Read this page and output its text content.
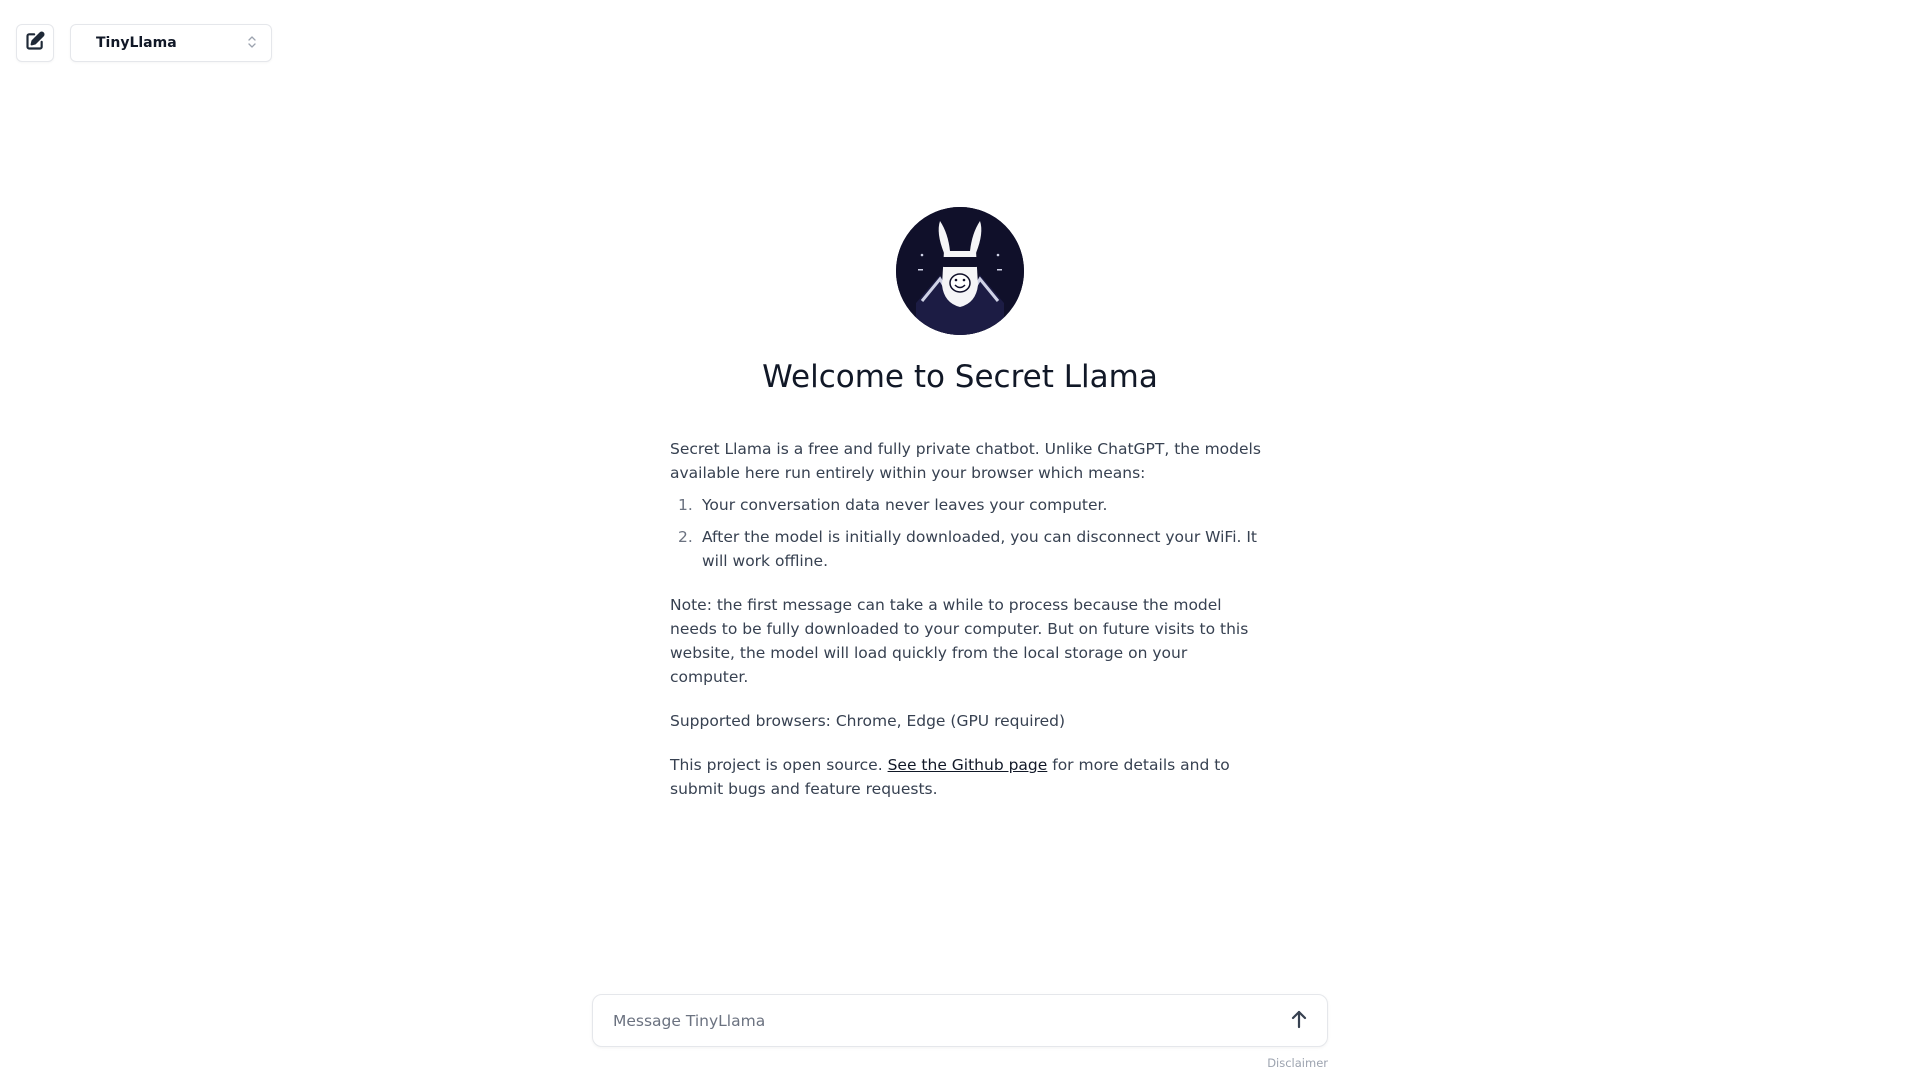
TinyLlama
Welcome to Secret Llama

Secret Llama is a free and fully private chatbot. Unlike ChatGPT, the models available here run entirely within your browser which means:

1. Your conversation data never leaves your computer.
2. After the model is initially downloaded, you can disconnect your WiFi. It will work offline.

Note: the first message can take a while to process because the model needs to be fully downloaded to your computer. But on future visits to this website, the model will load quickly from the local storage on your computer.

Supported browsers: Chrome, Edge (GPU required)

This project is open source. See the Github page for more details and to submit bugs and feature requests.

Message TinyLlama
Disclaimer
